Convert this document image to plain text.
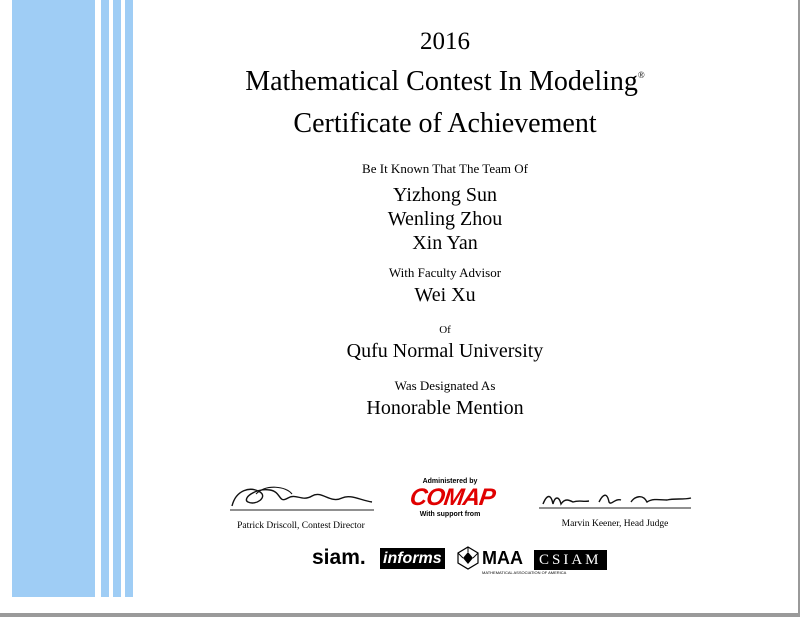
2016
Mathematical Contest In Modeling®
Certificate of Achievement
Be It Known That The Team Of
Yizhong Sun
Wenling Zhou
Xin Yan
With Faculty Advisor
Wei Xu
Of
Qufu Normal University
Was Designated As
Honorable Mention
Patrick Driscoll, Contest Director
Administered by
COMAP
With support from
Marvin Keener, Head Judge
siam. informs MAA
MATHEMATICAL ASSOCIATION OF AMERICA
CSIAM
